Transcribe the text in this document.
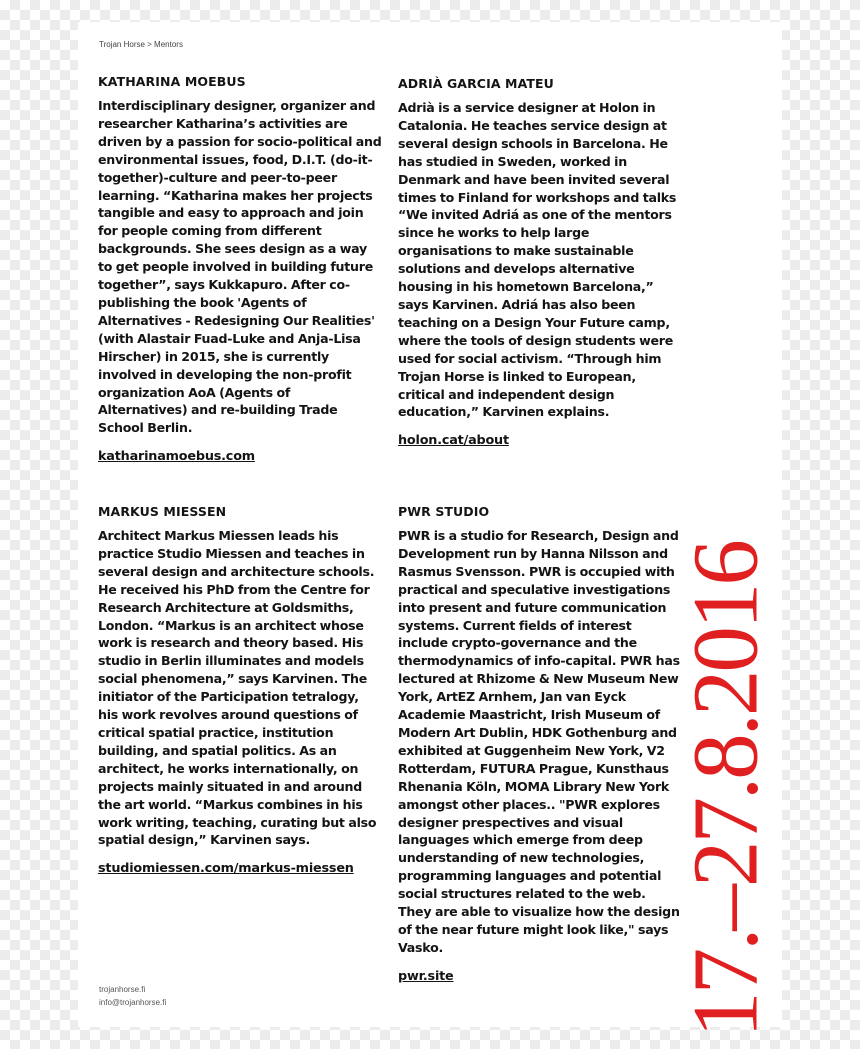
Trojan Horse > Mentors
KATHARINA MOEBUS

Interdisciplinary designer, organizer and researcher Katharina’s activities are driven by a passion for socio-political and environmental issues, food, D.I.T. (do-it-together)-culture and peer-to-peer learning. “Katharina makes her projects tangible and easy to approach and join for people coming from different backgrounds. She sees design as a way to get people involved in building future together”, says Kukkapuro. After co-publishing the book 'Agents of Alternatives - Redesigning Our Realities' (with Alastair Fuad-Luke and Anja-Lisa Hirscher) in 2015, she is currently involved in developing the non-profit organization AoA (Agents of Alternatives) and re-building Trade School Berlin.

katharinamoebus.com
ADRIÀ GARCIA MATEU

Adrià is a service designer at Holon in Catalonia. He teaches service design at several design schools in Barcelona. He has studied in Sweden, worked in Denmark and have been invited several times to Finland for workshops and talks “We invited Adriá as one of the mentors since he works to help large organisations to make sustainable solutions and develops alternative housing in his hometown Barcelona,” says Karvinen. Adriá has also been teaching on a Design Your Future camp, where the tools of design students were used for social activism. “Through him Trojan Horse is linked to European, critical and independent design education,” Karvinen explains.

holon.cat/about
MARKUS MIESSEN

Architect Markus Miessen leads his practice Studio Miessen and teaches in several design and architecture schools. He received his PhD from the Centre for Research Architecture at Goldsmiths, London. “Markus is an architect whose work is research and theory based. His studio in Berlin illuminates and models social phenomena,” says Karvinen. The initiator of the Participation tetralogy, his work revolves around questions of critical spatial practice, institution building, and spatial politics. As an architect, he works internationally, on projects mainly situated in and around the art world. “Markus combines in his work writing, teaching, curating but also spatial design,” Karvinen says.

studiomiessen.com/markus-miessen
PWR STUDIO

PWR is a studio for Research, Design and Development run by Hanna Nilsson and Rasmus Svensson. PWR is occupied with practical and speculative investigations into present and future communication systems. Current fields of interest include crypto-governance and the thermodynamics of info-capital. PWR has lectured at Rhizome & New Museum New York, ArtEZ Arnhem, Jan van Eyck Academie Maastricht, Irish Museum of Modern Art Dublin, HDK Gothenburg and exhibited at Guggenheim New York, V2 Rotterdam, FUTURA Prague, Kunsthaus Rhenania Köln, MOMA Library New York amongst other places.. "PWR explores designer prespectives and visual languages which emerge from deep understanding of new technologies, programming languages and potential social structures related to the web. They are able to visualize how the design of the near future might look like," says Vasko.

pwr.site	17.–27.8.2016
trojanhorse.fi
info@trojanhorse.fi
